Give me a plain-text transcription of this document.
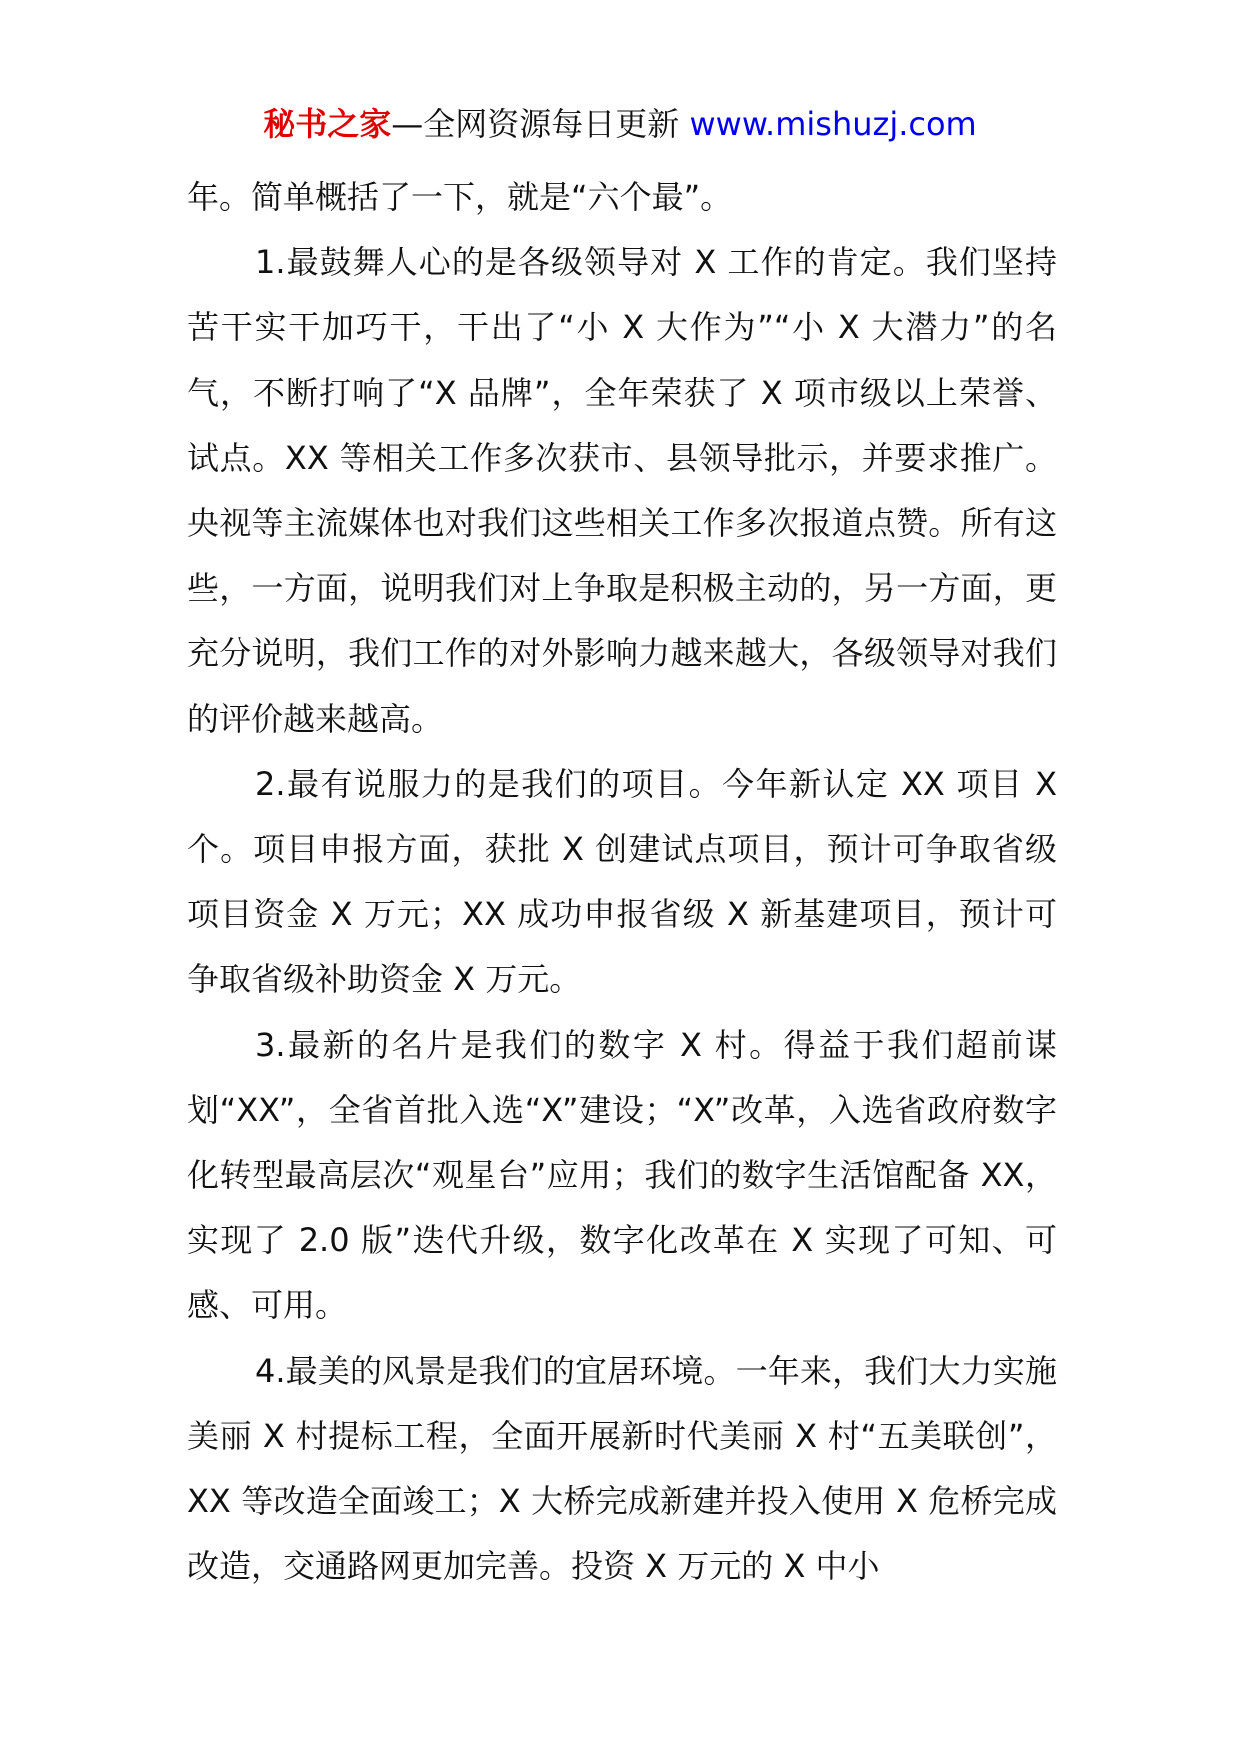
秘书之家—全网资源每日更新 www.mishuzj.com

年。简单概括了一下，就是“六个最”。

1.最鼓舞人心的是各级领导对 X 工作的肯定。我们坚持苦干实干加巧干，干出了“小 X 大作为”“小 X 大潜力”的名气，不断打响了“X 品牌”，全年荣获了 X 项市级以上荣誉、试点。XX 等相关工作多次获市、县领导批示，并要求推广。央视等主流媒体也对我们这些相关工作多次报道点赞。所有这些，一方面，说明我们对上争取是积极主动的，另一方面，更充分说明，我们工作的对外影响力越来越大，各级领导对我们的评价越来越高。

2.最有说服力的是我们的项目。今年新认定 XX 项目 X 个。项目申报方面，获批 X 创建试点项目，预计可争取省级项目资金 X 万元；XX 成功申报省级 X 新基建项目，预计可争取省级补助资金 X 万元。

3.最新的名片是我们的数字 X 村。得益于我们超前谋划“XX”，全省首批入选“X”建设；“X”改革，入选省政府数字化转型最高层次“观星台”应用；我们的数字生活馆配备 XX，实现了 2.0 版”迭代升级，数字化改革在 X 实现了可知、可感、可用。

4.最美的风景是我们的宜居环境。一年来，我们大力实施美丽 X 村提标工程，全面开展新时代美丽 X 村“五美联创”，XX 等改造全面竣工；X 大桥完成新建并投入使用 X 危桥完成改造，交通路网更加完善。投资 X 万元的 X 中小
